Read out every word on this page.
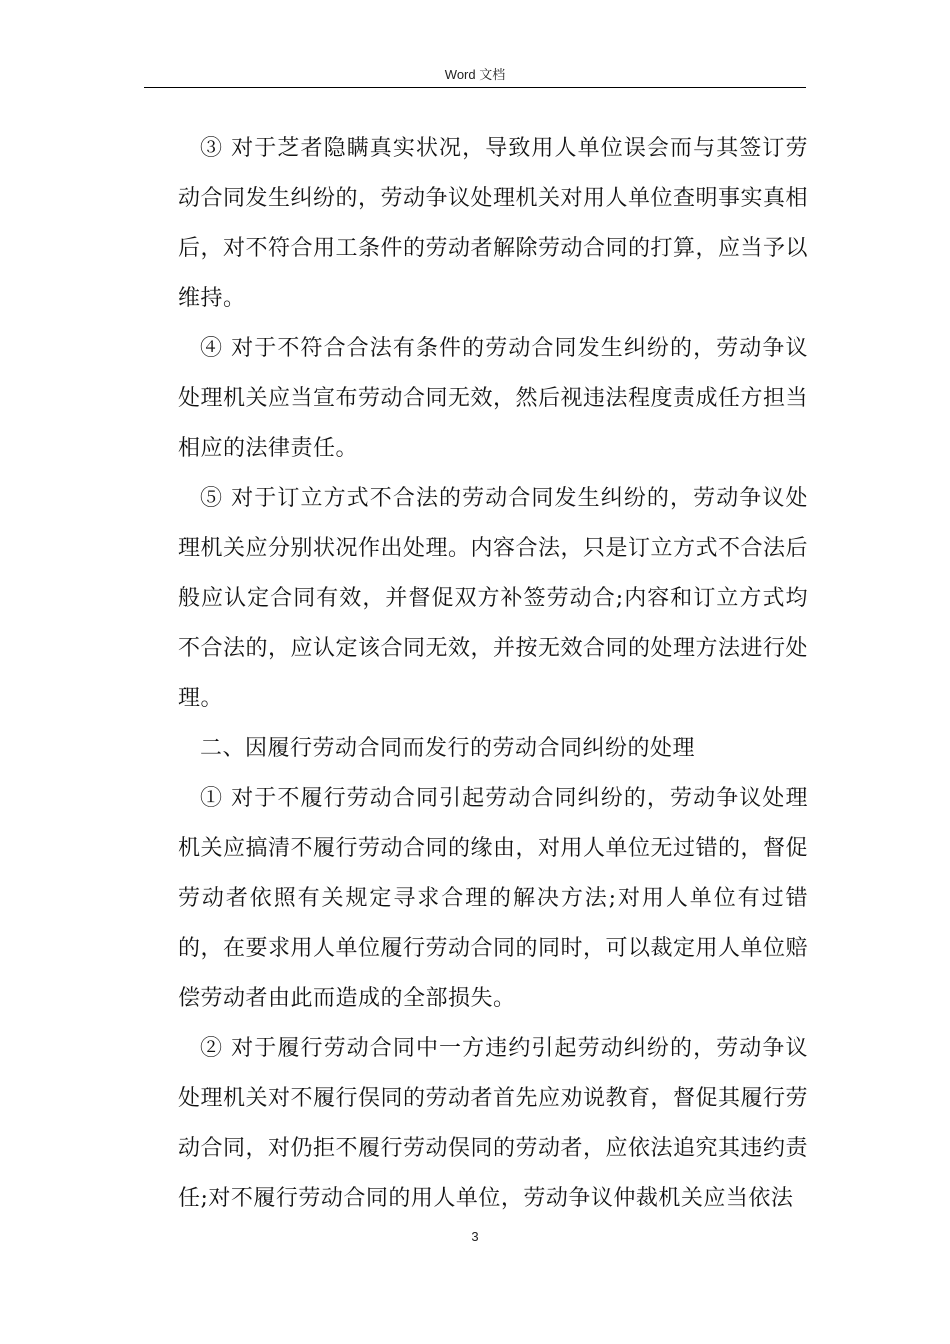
Word 文档

③ 对于芝者隐瞒真实状况，导致用人单位误会而与其签订劳动合同发生纠纷的，劳动争议处理机关对用人单位查明事实真相后，对不符合用工条件的劳动者解除劳动合同的打算，应当予以维持。

④ 对于不符合合法有条件的劳动合同发生纠纷的，劳动争议处理机关应当宣布劳动合同无效，然后视违法程度责成任方担当相应的法律责任。

⑤ 对于订立方式不合法的劳动合同发生纠纷的，劳动争议处理机关应分别状况作出处理。内容合法，只是订立方式不合法后般应认定合同有效，并督促双方补签劳动合;内容和订立方式均不合法的，应认定该合同无效，并按无效合同的处理方法进行处理。

二、因履行劳动合同而发行的劳动合同纠纷的处理

① 对于不履行劳动合同引起劳动合同纠纷的，劳动争议处理机关应搞清不履行劳动合同的缘由，对用人单位无过错的，督促劳动者依照有关规定寻求合理的解决方法;对用人单位有过错的，在要求用人单位履行劳动合同的同时，可以裁定用人单位赔偿劳动者由此而造成的全部损失。

② 对于履行劳动合同中一方违约引起劳动纠纷的，劳动争议处理机关对不履行俣同的劳动者首先应劝说教育，督促其履行劳动合同，对仍拒不履行劳动俣同的劳动者，应依法追究其违约责任;对不履行劳动合同的用人单位，劳动争议仲裁机关应当依法

3
